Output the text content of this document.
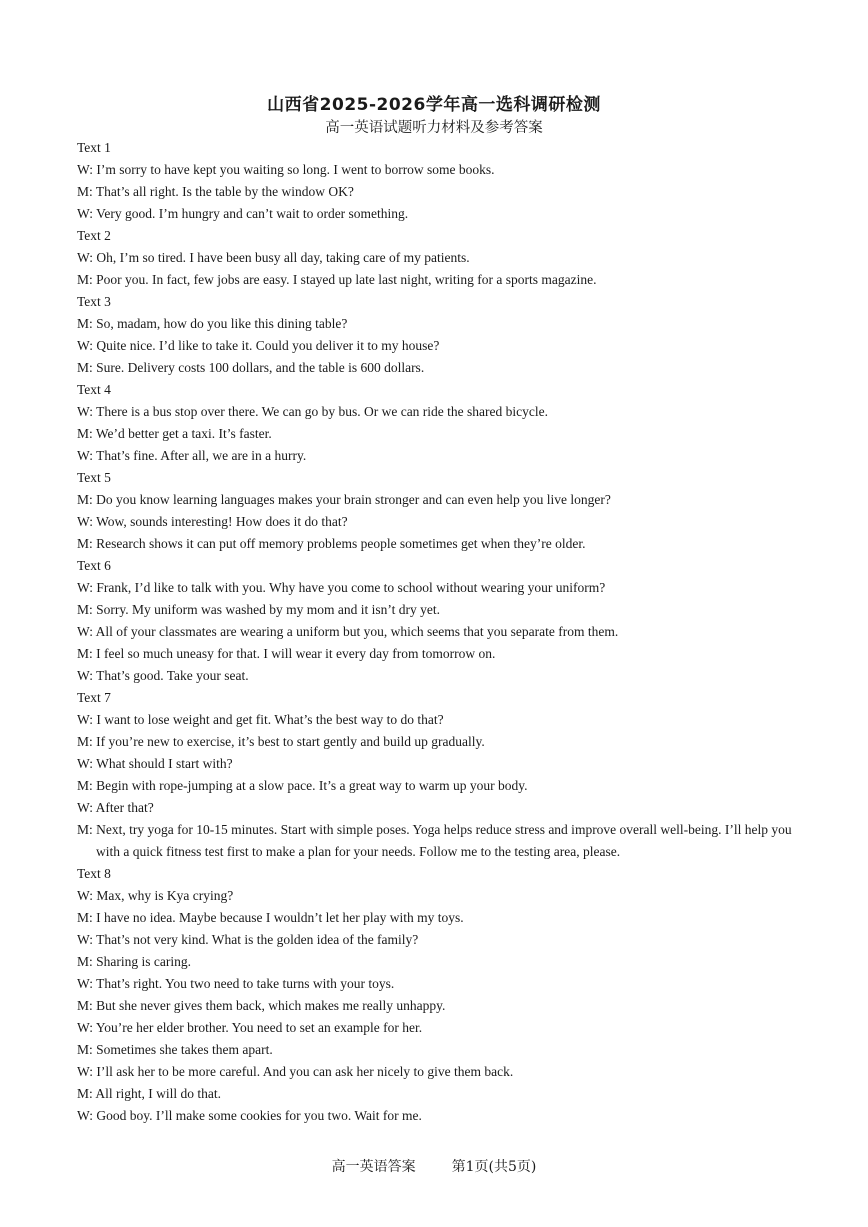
山西省2025-2026学年高一选科调研检测
高一英语试题听力材料及参考答案
Text 1
W: I’m sorry to have kept you waiting so long. I went to borrow some books.
M: That’s all right. Is the table by the window OK?
W: Very good. I’m hungry and can’t wait to order something.
Text 2
W: Oh, I’m so tired. I have been busy all day, taking care of my patients.
M: Poor you. In fact, few jobs are easy. I stayed up late last night, writing for a sports magazine.
Text 3
M: So, madam, how do you like this dining table?
W: Quite nice. I’d like to take it. Could you deliver it to my house?
M: Sure. Delivery costs 100 dollars, and the table is 600 dollars.
Text 4
W: There is a bus stop over there. We can go by bus. Or we can ride the shared bicycle.
M: We’d better get a taxi. It’s faster.
W: That’s fine. After all, we are in a hurry.
Text 5
M: Do you know learning languages makes your brain stronger and can even help you live longer?
W: Wow, sounds interesting! How does it do that?
M: Research shows it can put off memory problems people sometimes get when they’re older.
Text 6
W: Frank, I’d like to talk with you. Why have you come to school without wearing your uniform?
M: Sorry. My uniform was washed by my mom and it isn’t dry yet.
W: All of your classmates are wearing a uniform but you, which seems that you separate from them.
M: I feel so much uneasy for that. I will wear it every day from tomorrow on.
W: That’s good. Take your seat.
Text 7
W: I want to lose weight and get fit. What’s the best way to do that?
M: If you’re new to exercise, it’s best to start gently and build up gradually.
W: What should I start with?
M: Begin with rope-jumping at a slow pace. It’s a great way to warm up your body.
W: After that?
M: Next, try yoga for 10-15 minutes. Start with simple poses. Yoga helps reduce stress and improve overall well-being. I’ll help you with a quick fitness test first to make a plan for your needs. Follow me to the testing area, please.
Text 8
W: Max, why is Kya crying?
M: I have no idea. Maybe because I wouldn’t let her play with my toys.
W: That’s not very kind. What is the golden idea of the family?
M: Sharing is caring.
W: That’s right. You two need to take turns with your toys.
M: But she never gives them back, which makes me really unhappy.
W: You’re her elder brother. You need to set an example for her.
M: Sometimes she takes them apart.
W: I’ll ask her to be more careful. And you can ask her nicely to give them back.
M: All right, I will do that.
W: Good boy. I’ll make some cookies for you two. Wait for me.
高一英语答案	第1页(共5页)
